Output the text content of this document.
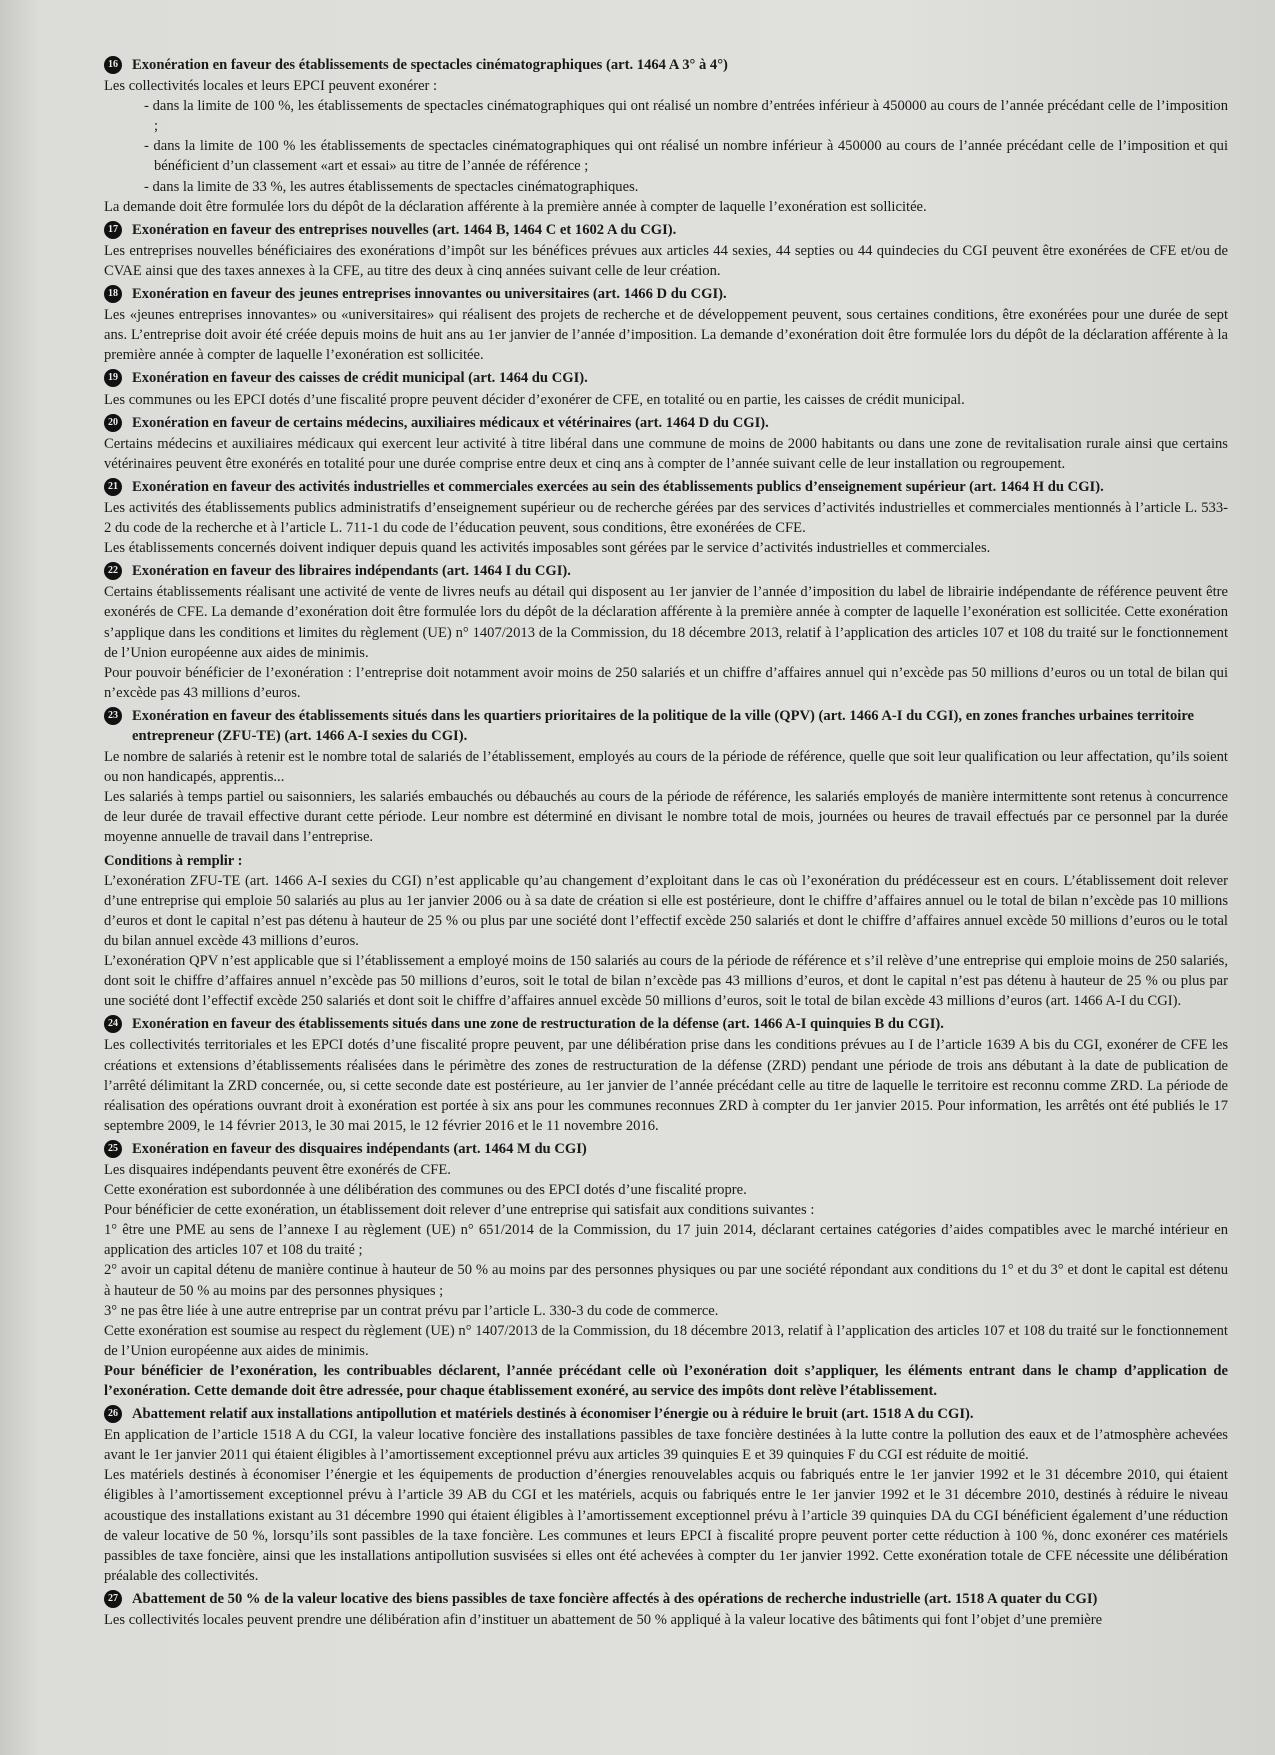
16 Exonération en faveur des établissements de spectacles cinématographiques (art. 1464 A 3° à 4°)
Les collectivités locales et leurs EPCI peuvent exonérer :
- dans la limite de 100 %, les établissements de spectacles cinématographiques qui ont réalisé un nombre d’entrées inférieur à 450000 au cours de l’année précédant celle de l’imposition ;
- dans la limite de 100 % les établissements de spectacles cinématographiques qui ont réalisé un nombre inférieur à 450000 au cours de l’année précédant celle de l’imposition et qui bénéficient d’un classement «art et essai» au titre de l’année de référence ;
- dans la limite de 33 %, les autres établissements de spectacles cinématographiques.
La demande doit être formulée lors du dépôt de la déclaration afférente à la première année à compter de laquelle l’exonération est sollicitée.
17 Exonération en faveur des entreprises nouvelles (art. 1464 B, 1464 C et 1602 A du CGI).
Les entreprises nouvelles bénéficiaires des exonérations d’impôt sur les bénéfices prévues aux articles 44 sexies, 44 septies ou 44 quindecies du CGI peuvent être exonérées de CFE et/ou de CVAE ainsi que des taxes annexes à la CFE, au titre des deux à cinq années suivant celle de leur création.
18 Exonération en faveur des jeunes entreprises innovantes ou universitaires (art. 1466 D du CGI).
Les «jeunes entreprises innovantes» ou «universitaires» qui réalisent des projets de recherche et de développement peuvent, sous certaines conditions, être exonérées pour une durée de sept ans. L’entreprise doit avoir été créée depuis moins de huit ans au 1er janvier de l’année d’imposition. La demande d’exonération doit être formulée lors du dépôt de la déclaration afférente à la première année à compter de laquelle l’exonération est sollicitée.
19 Exonération en faveur des caisses de crédit municipal (art. 1464 du CGI).
Les communes ou les EPCI dotés d’une fiscalité propre peuvent décider d’exonérer de CFE, en totalité ou en partie, les caisses de crédit municipal.
20 Exonération en faveur de certains médecins, auxiliaires médicaux et vétérinaires (art. 1464 D du CGI).
Certains médecins et auxiliaires médicaux qui exercent leur activité à titre libéral dans une commune de moins de 2000 habitants ou dans une zone de revitalisation rurale ainsi que certains vétérinaires peuvent être exonérés en totalité pour une durée comprise entre deux et cinq ans à compter de l’année suivant celle de leur installation ou regroupement.
21 Exonération en faveur des activités industrielles et commerciales exercées au sein des établissements publics d’enseignement supérieur (art. 1464 H du CGI).
Les activités des établissements publics administratifs d’enseignement supérieur ou de recherche gérées par des services d’activités industrielles et commerciales mentionnés à l’article L. 533-2 du code de la recherche et à l’article L. 711-1 du code de l’éducation peuvent, sous conditions, être exonérées de CFE.
Les établissements concernés doivent indiquer depuis quand les activités imposables sont gérées par le service d’activités industrielles et commerciales.
22 Exonération en faveur des libraires indépendants (art. 1464 I du CGI).
Certains établissements réalisant une activité de vente de livres neufs au détail qui disposent au 1er janvier de l’année d’imposition du label de librairie indépendante de référence peuvent être exonérés de CFE. La demande d’exonération doit être formulée lors du dépôt de la déclaration afférente à la première année à compter de laquelle l’exonération est sollicitée. Cette exonération s’applique dans les conditions et limites du règlement (UE) n° 1407/2013 de la Commission, du 18 décembre 2013, relatif à l’application des articles 107 et 108 du traité sur le fonctionnement de l’Union européenne aux aides de minimis.
Pour pouvoir bénéficier de l’exonération : l’entreprise doit notamment avoir moins de 250 salariés et un chiffre d’affaires annuel qui n’excède pas 50 millions d’euros ou un total de bilan qui n’excède pas 43 millions d’euros.
23 Exonération en faveur des établissements situés dans les quartiers prioritaires de la politique de la ville (QPV) (art. 1466 A-I du CGI), en zones franches urbaines territoire entrepreneur (ZFU-TE) (art. 1466 A-I sexies du CGI).
Le nombre de salariés à retenir est le nombre total de salariés de l’établissement, employés au cours de la période de référence, quelle que soit leur qualification ou leur affectation, qu’ils soient ou non handicapés, apprentis...
Les salariés à temps partiel ou saisonniers, les salariés embauchés ou débauchés au cours de la période de référence, les salariés employés de manière intermittente sont retenus à concurrence de leur durée de travail effective durant cette période. Leur nombre est déterminé en divisant le nombre total de mois, journées ou heures de travail effectués par ce personnel par la durée moyenne annuelle de travail dans l’entreprise.
Conditions à remplir :
L’exonération ZFU-TE (art. 1466 A-I sexies du CGI) n’est applicable qu’au changement d’exploitant dans le cas où l’exonération du prédécesseur est en cours. L’établissement doit relever d’une entreprise qui emploie 50 salariés au plus au 1er janvier 2006 ou à sa date de création si elle est postérieure, dont le chiffre d’affaires annuel ou le total de bilan n’excède pas 10 millions d’euros et dont le capital n’est pas détenu à hauteur de 25 % ou plus par une société dont l’effectif excède 250 salariés et dont le chiffre d’affaires annuel excède 50 millions d’euros ou le total du bilan annuel excède 43 millions d’euros.
L’exonération QPV n’est applicable que si l’établissement a employé moins de 150 salariés au cours de la période de référence et s’il relève d’une entreprise qui emploie moins de 250 salariés, dont soit le chiffre d’affaires annuel n’excède pas 50 millions d’euros, soit le total de bilan n’excède pas 43 millions d’euros, et dont le capital n’est pas détenu à hauteur de 25 % ou plus par une société dont l’effectif excède 250 salariés et dont soit le chiffre d’affaires annuel excède 50 millions d’euros, soit le total de bilan excède 43 millions d’euros (art. 1466 A-I du CGI).
24 Exonération en faveur des établissements situés dans une zone de restructuration de la défense (art. 1466 A-I quinquies B du CGI).
Les collectivités territoriales et les EPCI dotés d’une fiscalité propre peuvent, par une délibération prise dans les conditions prévues au I de l’article 1639 A bis du CGI, exonérer de CFE les créations et extensions d’établissements réalisées dans le périmètre des zones de restructuration de la défense (ZRD) pendant une période de trois ans débutant à la date de publication de l’arrêté délimitant la ZRD concernée, ou, si cette seconde date est postérieure, au 1er janvier de l’année précédant celle au titre de laquelle le territoire est reconnu comme ZRD. La période de réalisation des opérations ouvrant droit à exonération est portée à six ans pour les communes reconnues ZRD à compter du 1er janvier 2015. Pour information, les arrêtés ont été publiés le 17 septembre 2009, le 14 février 2013, le 30 mai 2015, le 12 février 2016 et le 11 novembre 2016.
25 Exonération en faveur des disquaires indépendants (art. 1464 M du CGI)
Les disquaires indépendants peuvent être exonérés de CFE.
Cette exonération est subordonnée à une délibération des communes ou des EPCI dotés d’une fiscalité propre.
Pour bénéficier de cette exonération, un établissement doit relever d’une entreprise qui satisfait aux conditions suivantes :
1° être une PME au sens de l’annexe I au règlement (UE) n° 651/2014 de la Commission, du 17 juin 2014, déclarant certaines catégories d’aides compatibles avec le marché intérieur en application des articles 107 et 108 du traité ;
2° avoir un capital détenu de manière continue à hauteur de 50 % au moins par des personnes physiques ou par une société répondant aux conditions du 1° et du 3° et dont le capital est détenu à hauteur de 50 % au moins par des personnes physiques ;
3° ne pas être liée à une autre entreprise par un contrat prévu par l’article L. 330-3 du code de commerce.
Cette exonération est soumise au respect du règlement (UE) n° 1407/2013 de la Commission, du 18 décembre 2013, relatif à l’application des articles 107 et 108 du traité sur le fonctionnement de l’Union européenne aux aides de minimis.
Pour bénéficier de l’exonération, les contribuables déclarent, l’année précédant celle où l’exonération doit s’appliquer, les éléments entrant dans le champ d’application de l’exonération. Cette demande doit être adressée, pour chaque établissement exonéré, au service des impôts dont relève l’établissement.
26 Abattement relatif aux installations antipollution et matériels destinés à économiser l’énergie ou à réduire le bruit (art. 1518 A du CGI).
En application de l’article 1518 A du CGI, la valeur locative foncière des installations passibles de taxe foncière destinées à la lutte contre la pollution des eaux et de l’atmosphère achevées avant le 1er janvier 2011 qui étaient éligibles à l’amortissement exceptionnel prévu aux articles 39 quinquies E et 39 quinquies F du CGI est réduite de moitié.
Les matériels destinés à économiser l’énergie et les équipements de production d’énergies renouvelables acquis ou fabriqués entre le 1er janvier 1992 et le 31 décembre 2010, qui étaient éligibles à l’amortissement exceptionnel prévu à l’article 39 AB du CGI et les matériels, acquis ou fabriqués entre le 1er janvier 1992 et le 31 décembre 2010, destinés à réduire le niveau acoustique des installations existant au 31 décembre 1990 qui étaient éligibles à l’amortissement exceptionnel prévu à l’article 39 quinquies DA du CGI bénéficient également d’une réduction de valeur locative de 50 %, lorsqu’ils sont passibles de la taxe foncière. Les communes et leurs EPCI à fiscalité propre peuvent porter cette réduction à 100 %, donc exonérer ces matériels passibles de taxe foncière, ainsi que les installations antipollution susvisées si elles ont été achevées à compter du 1er janvier 1992. Cette exonération totale de CFE nécessite une délibération préalable des collectivités.
27 Abattement de 50 % de la valeur locative des biens passibles de taxe foncière affectés à des opérations de recherche industrielle (art. 1518 A quater du CGI)
Les collectivités locales peuvent prendre une délibération afin d’instituer un abattement de 50 % appliqué à la valeur locative des bâtiments qui font l’objet d’une première
